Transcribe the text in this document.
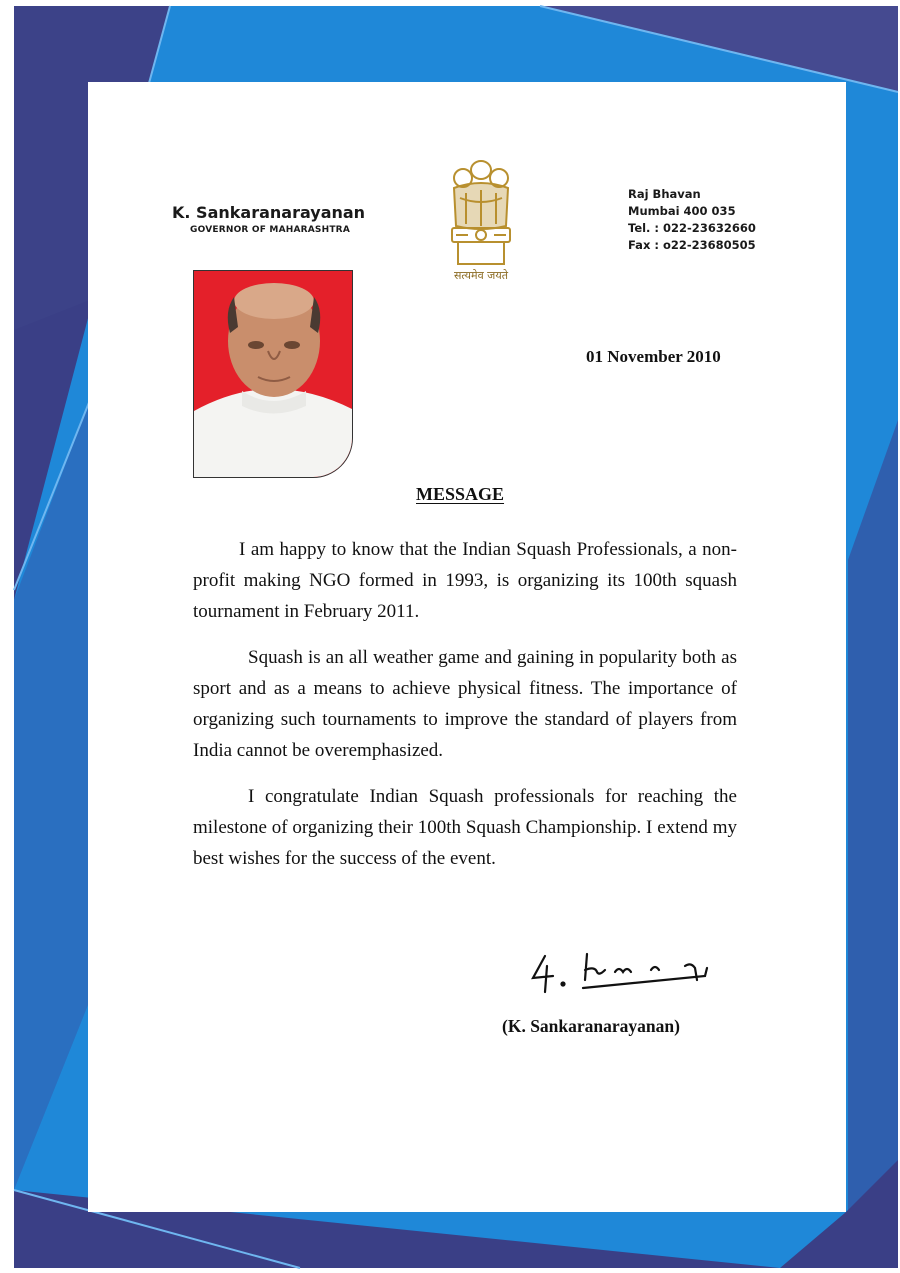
K. Sankaranarayanan
GOVERNOR OF MAHARASHTRA
सत्यमेव जयते
Raj Bhavan
Mumbai 400 035
Tel. : 022-23632660
Fax : o22-23680505
01 November 2010
MESSAGE

I am happy to know that the Indian Squash Professionals, a non-profit making NGO formed in 1993, is organizing its 100th squash tournament in February 2011.

Squash is an all weather game and gaining in popularity both as sport and as a means to achieve physical fitness. The importance of organizing such tournaments to improve the standard of players from India cannot be overemphasized.

I congratulate Indian Squash professionals for reaching the milestone of organizing their 100th Squash Championship. I extend my best wishes for the success of the event.

(K. Sankaranarayanan)
